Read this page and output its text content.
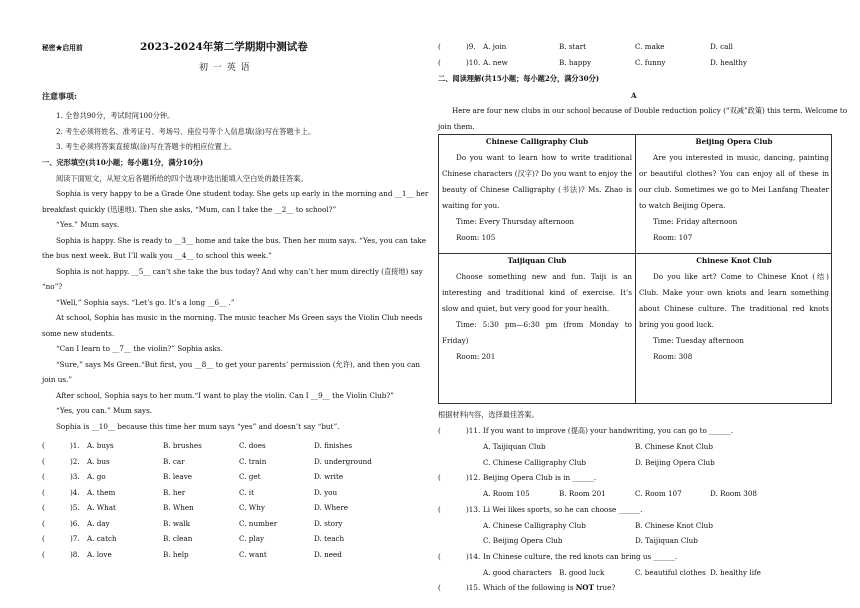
秘密★启用前	2023-2024年第二学期期中测试卷
初 一 英 语
注意事项:
1. 全卷共90分，考试时间100分钟。
2. 考生必须将姓名、准考证号、考场号、座位号等个人信息填(涂)写在答题卡上。
3. 考生必须将答案直接填(涂)写在答题卡的相应位置上。
一、完形填空(共10小题；每小题1分，满分10分)
阅读下面短文，从短文后各题所给的四个选项中选出能填入空白处的最佳答案。
Sophia is very happy to be a Grade One student today. She gets up early in the morning and __1__ her
breakfast quickly (迅速地). Then she asks, “Mum, can I take the __2__ to school?”
“Yes.” Mum says.
Sophia is happy. She is ready to __3__ home and take the bus. Then her mum says. “Yes, you can take
the bus next week. But I’ll walk you __4__ to school this week.”
Sophia is not happy. __5__ can’t she take the bus today? And why can’t her mum directly (直接地) say
“no”?
“Well,” Sophia says. “Let’s go. It’s a long __6__ .”
At school, Sophia has music in the morning. The music teacher Ms Green says the Violin Club needs
some new students.
“Can I learn to __7__ the violin?” Sophia asks.
“Sure,” says Ms Green.“But first, you __8__ to get your parents’ permission (允许), and then you can
join us.”
After school, Sophia says to her mum.“I want to play the violin. Can I __9__ the Violin Club?”
“Yes, you can.” Mum says.
Sophia is __10__ because this time her mum says “yes” and doesn’t say “but”.
(	)1. A. buys	B. brushes	C. does	D. finishes
(	)2. A. bus	B. car	C. train	D. underground
(	)3. A. go	B. leave	C. get	D. write
(	)4. A. them	B. her	C. it	D. you
(	)5. A. What	B. When	C. Why	D. Where
(	)6. A. day	B. walk	C. number	D. story
(	)7. A. catch	B. clean	C. play	D. teach
(	)8. A. love	B. help	C. want	D. need
(	)9. A. join	B. start	C. make	D. call
(	)10. A. new	B. happy	C. funny	D. healthy
二、阅读理解(共15小题；每小题2分，满分30分)
A
Here are four new clubs in our school because of Double reduction policy (“双减”政策) this term. Welcome to
join them.
Chinese Calligraphy Club
Do you want to learn how to write traditional Chinese characters (汉字)? Do you want to enjoy the beauty of Chinese Calligraphy (书法)? Ms. Zhao is waiting for you.
Time: Every Thursday afternoon
Room: 105
Beijing Opera Club
Are you interested in music, dancing, painting or beautiful clothes? You can enjoy all of these in our club. Sometimes we go to Mei Lanfang Theater to watch Beijing Opera.
Time: Friday afternoon
Room: 107
Taijiquan Club
Choose something new and fun. Taiji is an interesting and traditional kind of exercise. It’s slow and quiet, but very good for your health.
Time: 5:30 pm—6:30 pm (from Monday to Friday)
Room: 201
Chinese Knot Club
Do you like art? Come to Chinese Knot (结) Club. Make your own knots and learn something about Chinese culture. The traditional red knots bring you good luck.
Time: Tuesday afternoon
Room: 308
根据材料内容，选择最佳答案。
(	)11. If you want to improve (提高) your handwriting, you can go to ______.
A. Taijiquan Club	B. Chinese Knot Club
C. Chinese Calligraphy Club	D. Beijing Opera Club
(	)12. Beijing Opera Club is in ______.
A. Room 105	B. Room 201	C. Room 107	D. Room 308
(	)13. Li Wei likes sports, so he can choose ______.
A. Chinese Calligraphy Club	B. Chinese Knot Club
C. Beijing Opera Club	D. Taijiquan Club
(	)14. In Chinese culture, the red knots can bring us ______.
A. good characters B. good luck	C. beautiful clothes D. healthy life
(	)15. Which of the following is NOT true?
